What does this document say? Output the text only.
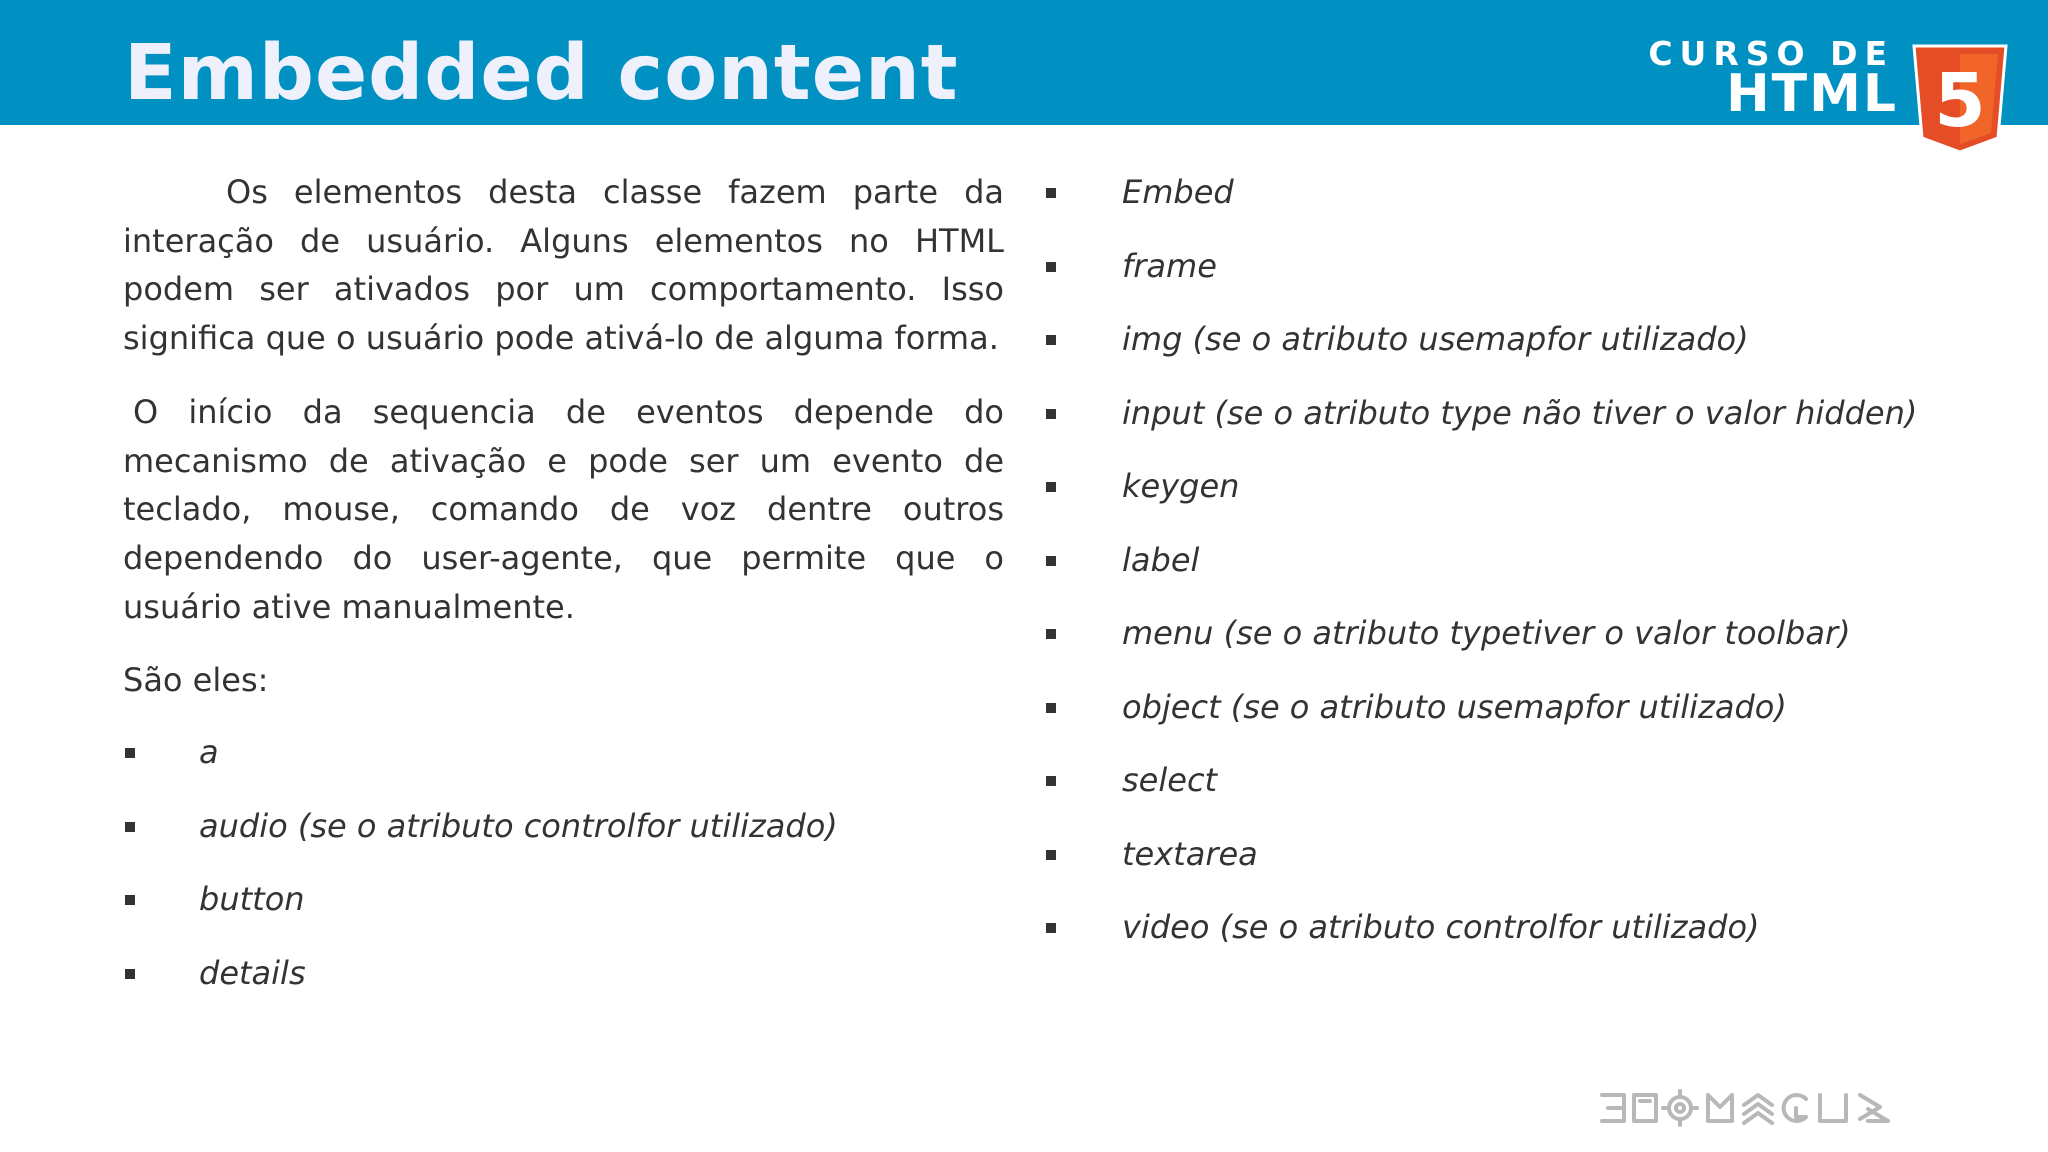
Embedded content	CURSO DE
HTML 5

Os elementos desta classe fazem parte da interação de usuário. Alguns elementos no HTML podem ser ativados por um comportamento. Isso significa que o usuário pode ativá-lo de alguma forma.

O início da sequencia de eventos depende do mecanismo de ativação e pode ser um evento de teclado, mouse, comando de voz dentre outros dependendo do user-agente, que permite que o usuário ative manualmente.

São eles:

a
audio (se o atributo controlfor utilizado)
button
details
Embed
frame
img (se o atributo usemapfor utilizado)
input (se o atributo type não tiver o valor hidden)
keygen
label
menu (se o atributo typetiver o valor toolbar)
object (se o atributo usemapfor utilizado)
select
textarea
video (se o atributo controlfor utilizado)
